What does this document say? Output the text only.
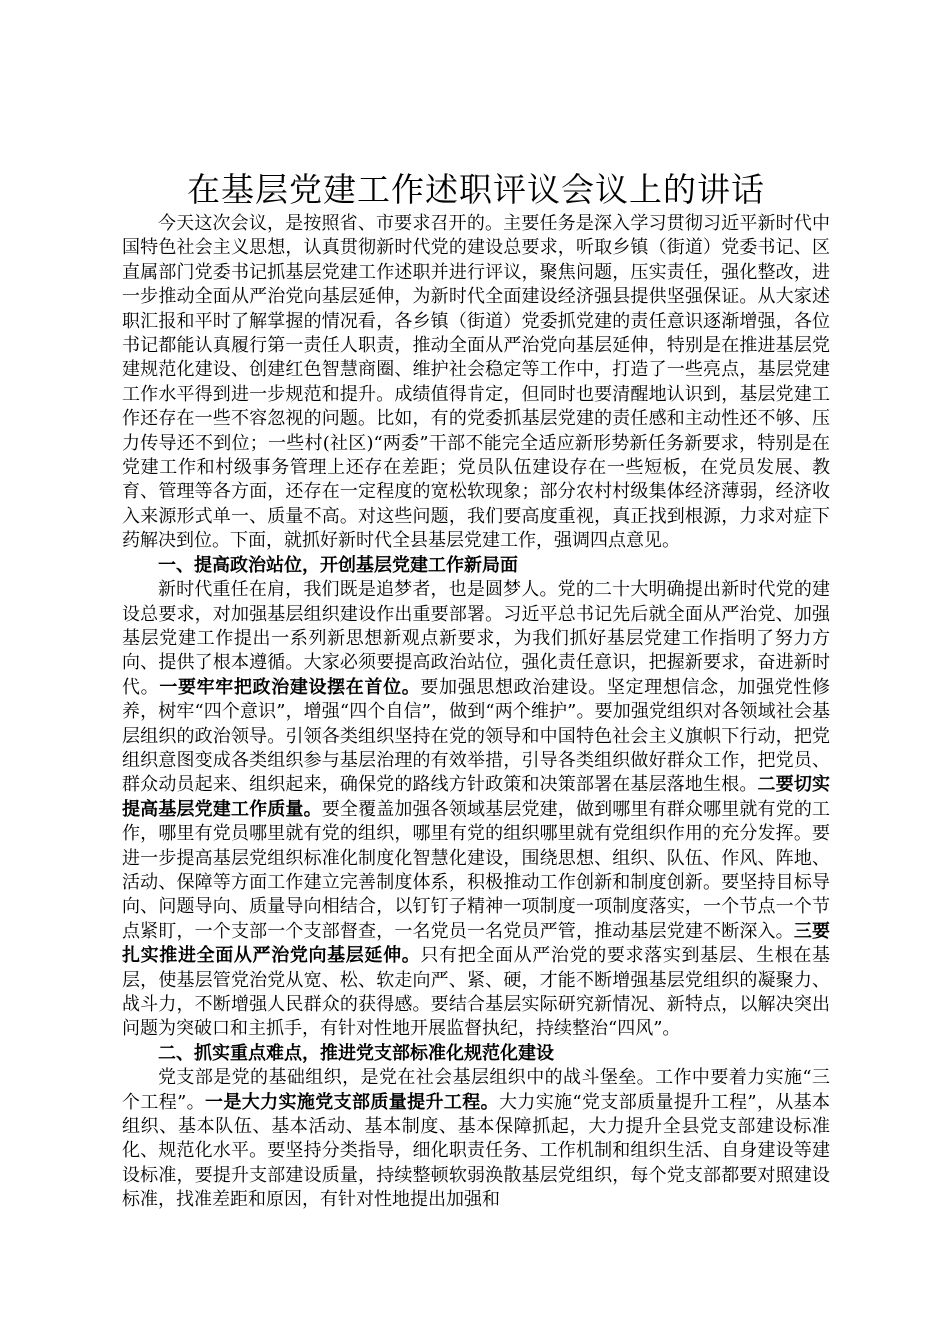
在基层党建工作述职评议会议上的讲话

今天这次会议，是按照省、市要求召开的。主要任务是深入学习贯彻习近平新时代中国特色社会主义思想，认真贯彻新时代党的建设总要求，听取乡镇（街道）党委书记、区直属部门党委书记抓基层党建工作述职并进行评议，聚焦问题，压实责任，强化整改，进一步推动全面从严治党向基层延伸，为新时代全面建设经济强县提供坚强保证。从大家述职汇报和平时了解掌握的情况看，各乡镇（街道）党委抓党建的责任意识逐渐增强，各位书记都能认真履行第一责任人职责，推动全面从严治党向基层延伸，特别是在推进基层党建规范化建设、创建红色智慧商圈、维护社会稳定等工作中，打造了一些亮点，基层党建工作水平得到进一步规范和提升。成绩值得肯定，但同时也要清醒地认识到，基层党建工作还存在一些不容忽视的问题。比如，有的党委抓基层党建的责任感和主动性还不够、压力传导还不到位；一些村(社区)“两委”干部不能完全适应新形势新任务新要求，特别是在党建工作和村级事务管理上还存在差距；党员队伍建设存在一些短板，在党员发展、教育、管理等各方面，还存在一定程度的宽松软现象；部分农村村级集体经济薄弱，经济收入来源形式单一、质量不高。对这些问题，我们要高度重视，真正找到根源，力求对症下药解决到位。下面，就抓好新时代全县基层党建工作，强调四点意见。

一、提高政治站位，开创基层党建工作新局面

新时代重任在肩，我们既是追梦者，也是圆梦人。党的二十大明确提出新时代党的建设总要求，对加强基层组织建设作出重要部署。习近平总书记先后就全面从严治党、加强基层党建工作提出一系列新思想新观点新要求，为我们抓好基层党建工作指明了努力方向、提供了根本遵循。大家必须要提高政治站位，强化责任意识，把握新要求，奋进新时代。一要牢牢把政治建设摆在首位。要加强思想政治建设。坚定理想信念，加强党性修养，树牢“四个意识”，增强“四个自信”，做到“两个维护”。要加强党组织对各领域社会基层组织的政治领导。引领各类组织坚持在党的领导和中国特色社会主义旗帜下行动，把党组织意图变成各类组织参与基层治理的有效举措，引导各类组织做好群众工作，把党员、群众动员起来、组织起来，确保党的路线方针政策和决策部署在基层落地生根。二要切实提高基层党建工作质量。要全覆盖加强各领域基层党建，做到哪里有群众哪里就有党的工作，哪里有党员哪里就有党的组织，哪里有党的组织哪里就有党组织作用的充分发挥。要进一步提高基层党组织标准化制度化智慧化建设，围绕思想、组织、队伍、作风、阵地、活动、保障等方面工作建立完善制度体系，积极推动工作创新和制度创新。要坚持目标导向、问题导向、质量导向相结合，以钉钉子精神一项制度一项制度落实，一个节点一个节点紧盯，一个支部一个支部督查，一名党员一名党员严管，推动基层党建不断深入。三要扎实推进全面从严治党向基层延伸。只有把全面从严治党的要求落实到基层、生根在基层，使基层管党治党从宽、松、软走向严、紧、硬，才能不断增强基层党组织的凝聚力、战斗力，不断增强人民群众的获得感。要结合基层实际研究新情况、新特点，以解决突出问题为突破口和主抓手，有针对性地开展监督执纪，持续整治“四风”。

二、抓实重点难点，推进党支部标准化规范化建设

党支部是党的基础组织，是党在社会基层组织中的战斗堡垒。工作中要着力实施“三个工程”。一是大力实施党支部质量提升工程。大力实施“党支部质量提升工程”，从基本组织、基本队伍、基本活动、基本制度、基本保障抓起，大力提升全县党支部建设标准化、规范化水平。要坚持分类指导，细化职责任务、工作机制和组织生活、自身建设等建设标准，要提升支部建设质量，持续整顿软弱涣散基层党组织，每个党支部都要对照建设标准，找准差距和原因，有针对性地提出加强和
